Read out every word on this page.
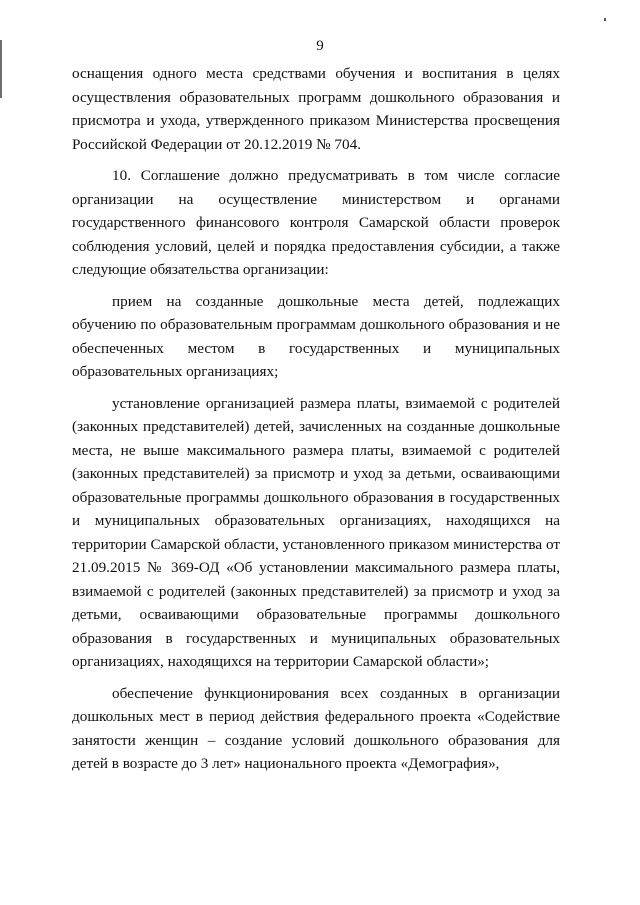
9

оснащения одного места средствами обучения и воспитания в целях осуществления образовательных программ дошкольного образования и присмотра и ухода, утвержденного приказом Министерства просвещения Российской Федерации от 20.12.2019 № 704.

10. Соглашение должно предусматривать в том числе согласие организации на осуществление министерством и органами государственного финансового контроля Самарской области проверок соблюдения условий, целей и порядка предоставления субсидии, а также следующие обязательства организации:

прием на созданные дошкольные места детей, подлежащих обучению по образовательным программам дошкольного образования и не обеспеченных местом в государственных и муниципальных образовательных организациях;

установление организацией размера платы, взимаемой с родителей (законных представителей) детей, зачисленных на созданные дошкольные места, не выше максимального размера платы, взимаемой с родителей (законных представителей) за присмотр и уход за детьми, осваивающими образовательные программы дошкольного образования в государственных и муниципальных образовательных организациях, находящихся на территории Самарской области, установленного приказом министерства от 21.09.2015 № 369-ОД «Об установлении максимального размера платы, взимаемой с родителей (законных представителей) за присмотр и уход за детьми, осваивающими образовательные программы дошкольного образования в государственных и муниципальных образовательных организациях, находящихся на территории Самарской области»;

обеспечение функционирования всех созданных в организации дошкольных мест в период действия федерального проекта «Содействие занятости женщин – создание условий дошкольного образования для детей в возрасте до 3 лет» национального проекта «Демография»,
